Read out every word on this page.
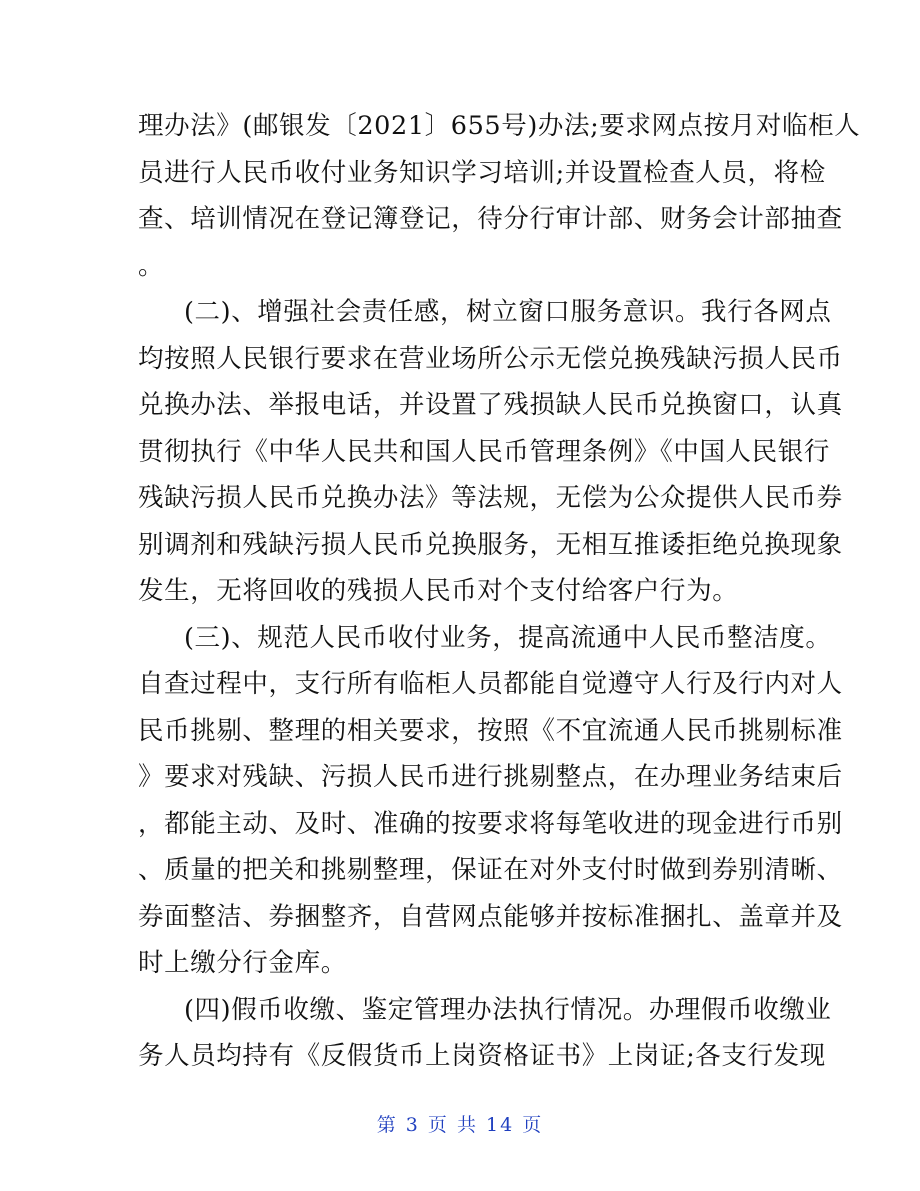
理办法》(邮银发〔2021〕655号)办法;要求网点按月对临柜人
员进行人民币收付业务知识学习培训;并设置检查人员，将检
查、培训情况在登记簿登记，待分行审计部、财务会计部抽查
。
(二)、增强社会责任感，树立窗口服务意识。我行各网点
均按照人民银行要求在营业场所公示无偿兑换残缺污损人民币
兑换办法、举报电话，并设置了残损缺人民币兑换窗口，认真
贯彻执行《中华人民共和国人民币管理条例》《中国人民银行
残缺污损人民币兑换办法》等法规，无偿为公众提供人民币券
别调剂和残缺污损人民币兑换服务，无相互推诿拒绝兑换现象
发生，无将回收的残损人民币对个支付给客户行为。
(三)、规范人民币收付业务，提高流通中人民币整洁度。
自查过程中，支行所有临柜人员都能自觉遵守人行及行内对人
民币挑剔、整理的相关要求，按照《不宜流通人民币挑剔标准
》要求对残缺、污损人民币进行挑剔整点，在办理业务结束后
，都能主动、及时、准确的按要求将每笔收进的现金进行币别
、质量的把关和挑剔整理，保证在对外支付时做到券别清晰、
券面整洁、券捆整齐，自营网点能够并按标准捆扎、盖章并及
时上缴分行金库。
(四)假币收缴、鉴定管理办法执行情况。办理假币收缴业
务人员均持有《反假货币上岗资格证书》上岗证;各支行发现
第 3 页 共 14 页
